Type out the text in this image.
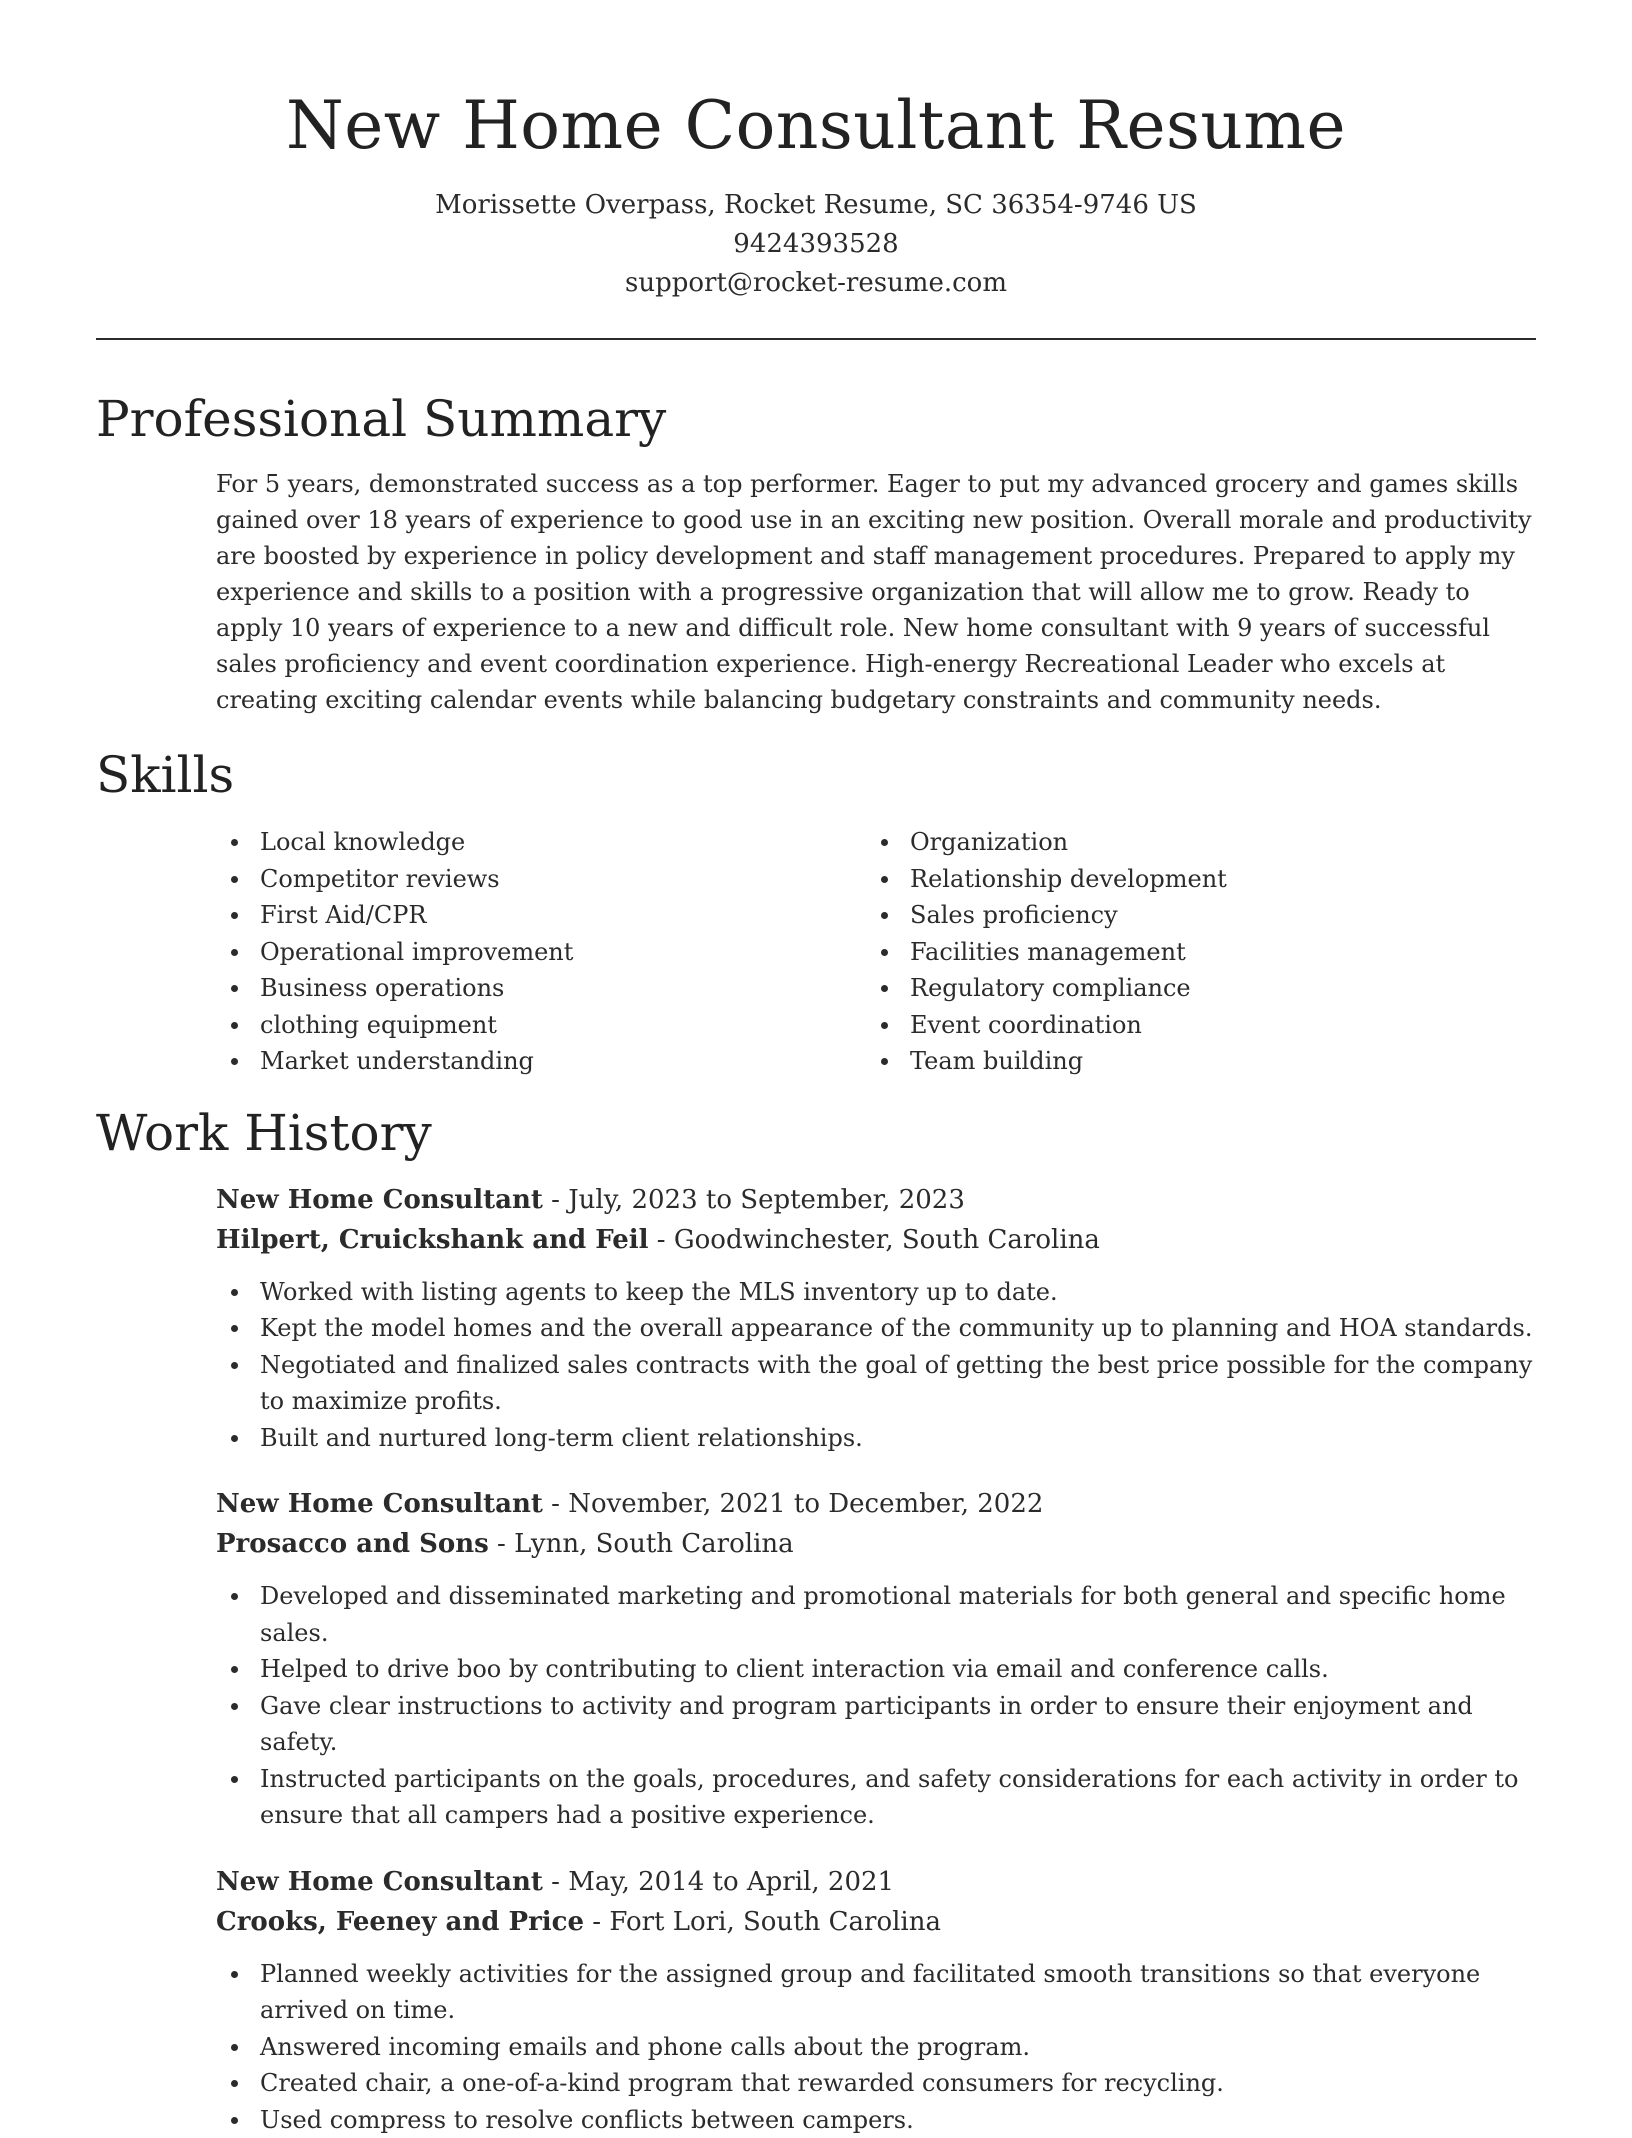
New Home Consultant Resume
Morissette Overpass, Rocket Resume, SC 36354-9746 US
9424393528
support@rocket-resume.com
Professional Summary

For 5 years, demonstrated success as a top performer. Eager to put my advanced grocery and games skills gained over 18 years of experience to good use in an exciting new position. Overall morale and productivity are boosted by experience in policy development and staff management procedures. Prepared to apply my experience and skills to a position with a progressive organization that will allow me to grow. Ready to apply 10 years of experience to a new and difficult role. New home consultant with 9 years of successful sales proficiency and event coordination experience. High-energy Recreational Leader who excels at creating exciting calendar events while balancing budgetary constraints and community needs.

Skills
Local knowledge
Competitor reviews
First Aid/CPR
Operational improvement
Business operations
clothing equipment
Market understanding
Organization
Relationship development
Sales proficiency
Facilities management
Regulatory compliance
Event coordination
Team building
Work History
New Home Consultant - July, 2023 to September, 2023
Hilpert, Cruickshank and Feil - Goodwinchester, South Carolina
Worked with listing agents to keep the MLS inventory up to date.
Kept the model homes and the overall appearance of the community up to planning and HOA standards.
Negotiated and finalized sales contracts with the goal of getting the best price possible for the company to maximize profits.
Built and nurtured long-term client relationships.
New Home Consultant - November, 2021 to December, 2022
Prosacco and Sons - Lynn, South Carolina
Developed and disseminated marketing and promotional materials for both general and specific home sales.
Helped to drive boo by contributing to client interaction via email and conference calls.
Gave clear instructions to activity and program participants in order to ensure their enjoyment and safety.
Instructed participants on the goals, procedures, and safety considerations for each activity in order to ensure that all campers had a positive experience.
New Home Consultant - May, 2014 to April, 2021
Crooks, Feeney and Price - Fort Lori, South Carolina
Planned weekly activities for the assigned group and facilitated smooth transitions so that everyone arrived on time.
Answered incoming emails and phone calls about the program.
Created chair, a one-of-a-kind program that rewarded consumers for recycling.
Used compress to resolve conflicts between campers.
